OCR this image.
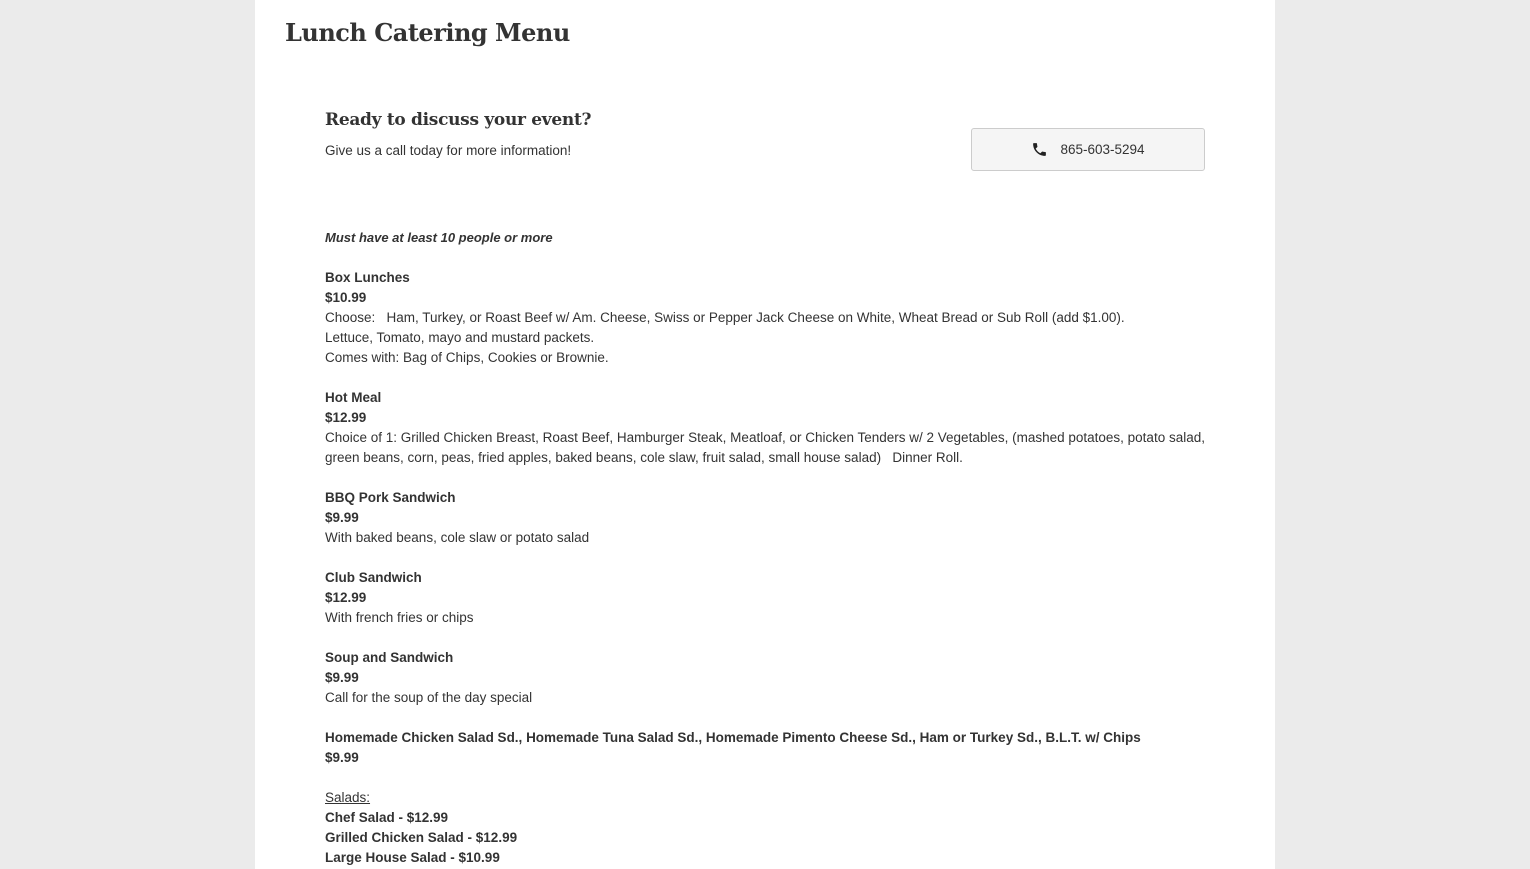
Lunch Catering Menu
Ready to discuss your event?

Give us a call today for more information!	865-603-5294

Must have at least 10 people or more

Box Lunches

$10.99

Choose:   Ham, Turkey, or Roast Beef w/ Am. Cheese, Swiss or Pepper Jack Cheese on White, Wheat Bread or Sub Roll (add $1.00).

Lettuce, Tomato, mayo and mustard packets.

Comes with: Bag of Chips, Cookies or Brownie.

Hot Meal

$12.99

Choice of 1: Grilled Chicken Breast, Roast Beef, Hamburger Steak, Meatloaf, or Chicken Tenders w/ 2 Vegetables, (mashed potatoes, potato salad, green beans, corn, peas, fried apples, baked beans, cole slaw, fruit salad, small house salad)   Dinner Roll.

BBQ Pork Sandwich

$9.99

With baked beans, cole slaw or potato salad

Club Sandwich

$12.99

With french fries or chips

Soup and Sandwich

$9.99

Call for the soup of the day special

Homemade Chicken Salad Sd., Homemade Tuna Salad Sd., Homemade Pimento Cheese Sd., Ham or Turkey Sd., B.L.T. w/ Chips

$9.99

Salads:

Chef Salad - $12.99

Grilled Chicken Salad - $12.99

Large House Salad - $10.99
